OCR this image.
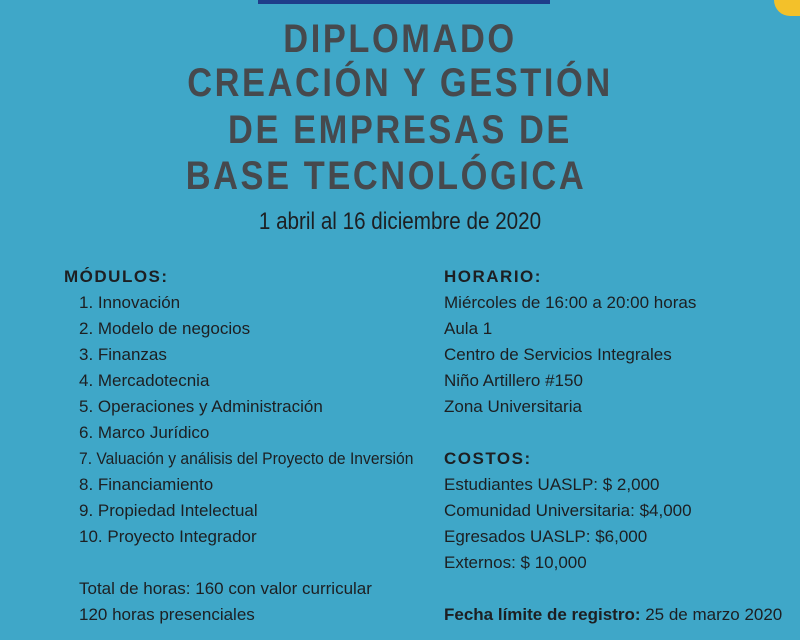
DIPLOMADO
CREACIÓN Y GESTIÓN
DE EMPRESAS DE
BASE TECNOLÓGICA
1 abril al 16 diciembre de 2020
MÓDULOS:
1. Innovación
2. Modelo de negocios
3. Finanzas
4. Mercadotecnia
5. Operaciones y Administración
6. Marco Jurídico
7. Valuación y análisis del Proyecto de Inversión
8. Financiamiento
9. Propiedad Intelectual
10. Proyecto Integrador
Total de horas: 160 con valor curricular
120 horas presenciales
HORARIO:
Miércoles de 16:00 a 20:00 horas
Aula 1
Centro de Servicios Integrales
Niño Artillero #150
Zona Universitaria
COSTOS:
Estudiantes UASLP: $ 2,000
Comunidad Universitaria: $4,000
Egresados UASLP: $6,000
Externos: $ 10,000
Fecha límite de registro: 25 de marzo 2020
